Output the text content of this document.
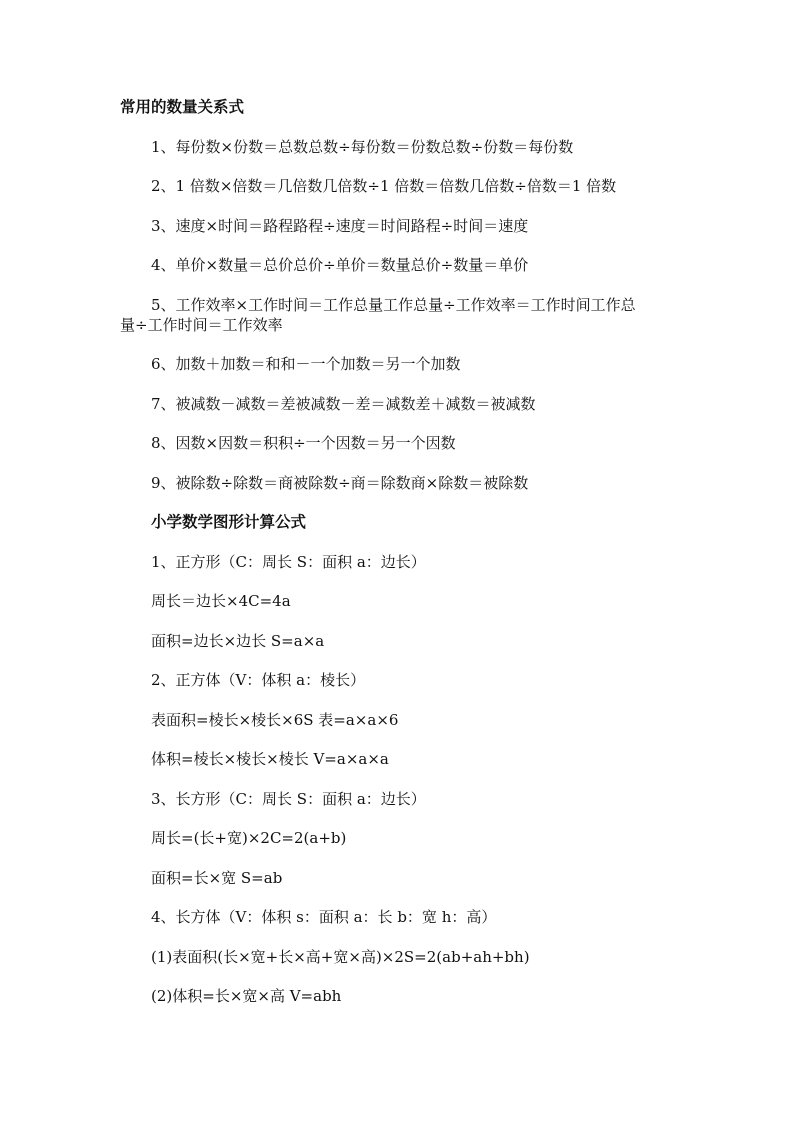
常用的数量关系式
1、每份数×份数＝总数总数÷每份数＝份数总数÷份数＝每份数
2、1 倍数×倍数＝几倍数几倍数÷1 倍数＝倍数几倍数÷倍数＝1 倍数
3、速度×时间＝路程路程÷速度＝时间路程÷时间＝速度
4、单价×数量＝总价总价÷单价＝数量总价÷数量＝单价
5、工作效率×工作时间＝工作总量工作总量÷工作效率＝工作时间工作总
量÷工作时间＝工作效率
6、加数＋加数＝和和－一个加数＝另一个加数
7、被减数－减数＝差被减数－差＝减数差＋减数＝被减数
8、因数×因数＝积积÷一个因数＝另一个因数
9、被除数÷除数＝商被除数÷商＝除数商×除数＝被除数
小学数学图形计算公式
1、正方形（C：周长 S：面积 a：边长）
周长＝边长×4C=4a
面积=边长×边长 S=a×a
2、正方体（V：体积 a：棱长）
表面积=棱长×棱长×6S 表=a×a×6
体积=棱长×棱长×棱长 V=a×a×a
3、长方形（C：周长 S：面积 a：边长）
周长=(长+宽)×2C=2(a+b)
面积=长×宽 S=ab
4、长方体（V：体积 s：面积 a：长 b：宽 h：高）
(1)表面积(长×宽+长×高+宽×高)×2S=2(ab+ah+bh)
(2)体积=长×宽×高 V=abh
